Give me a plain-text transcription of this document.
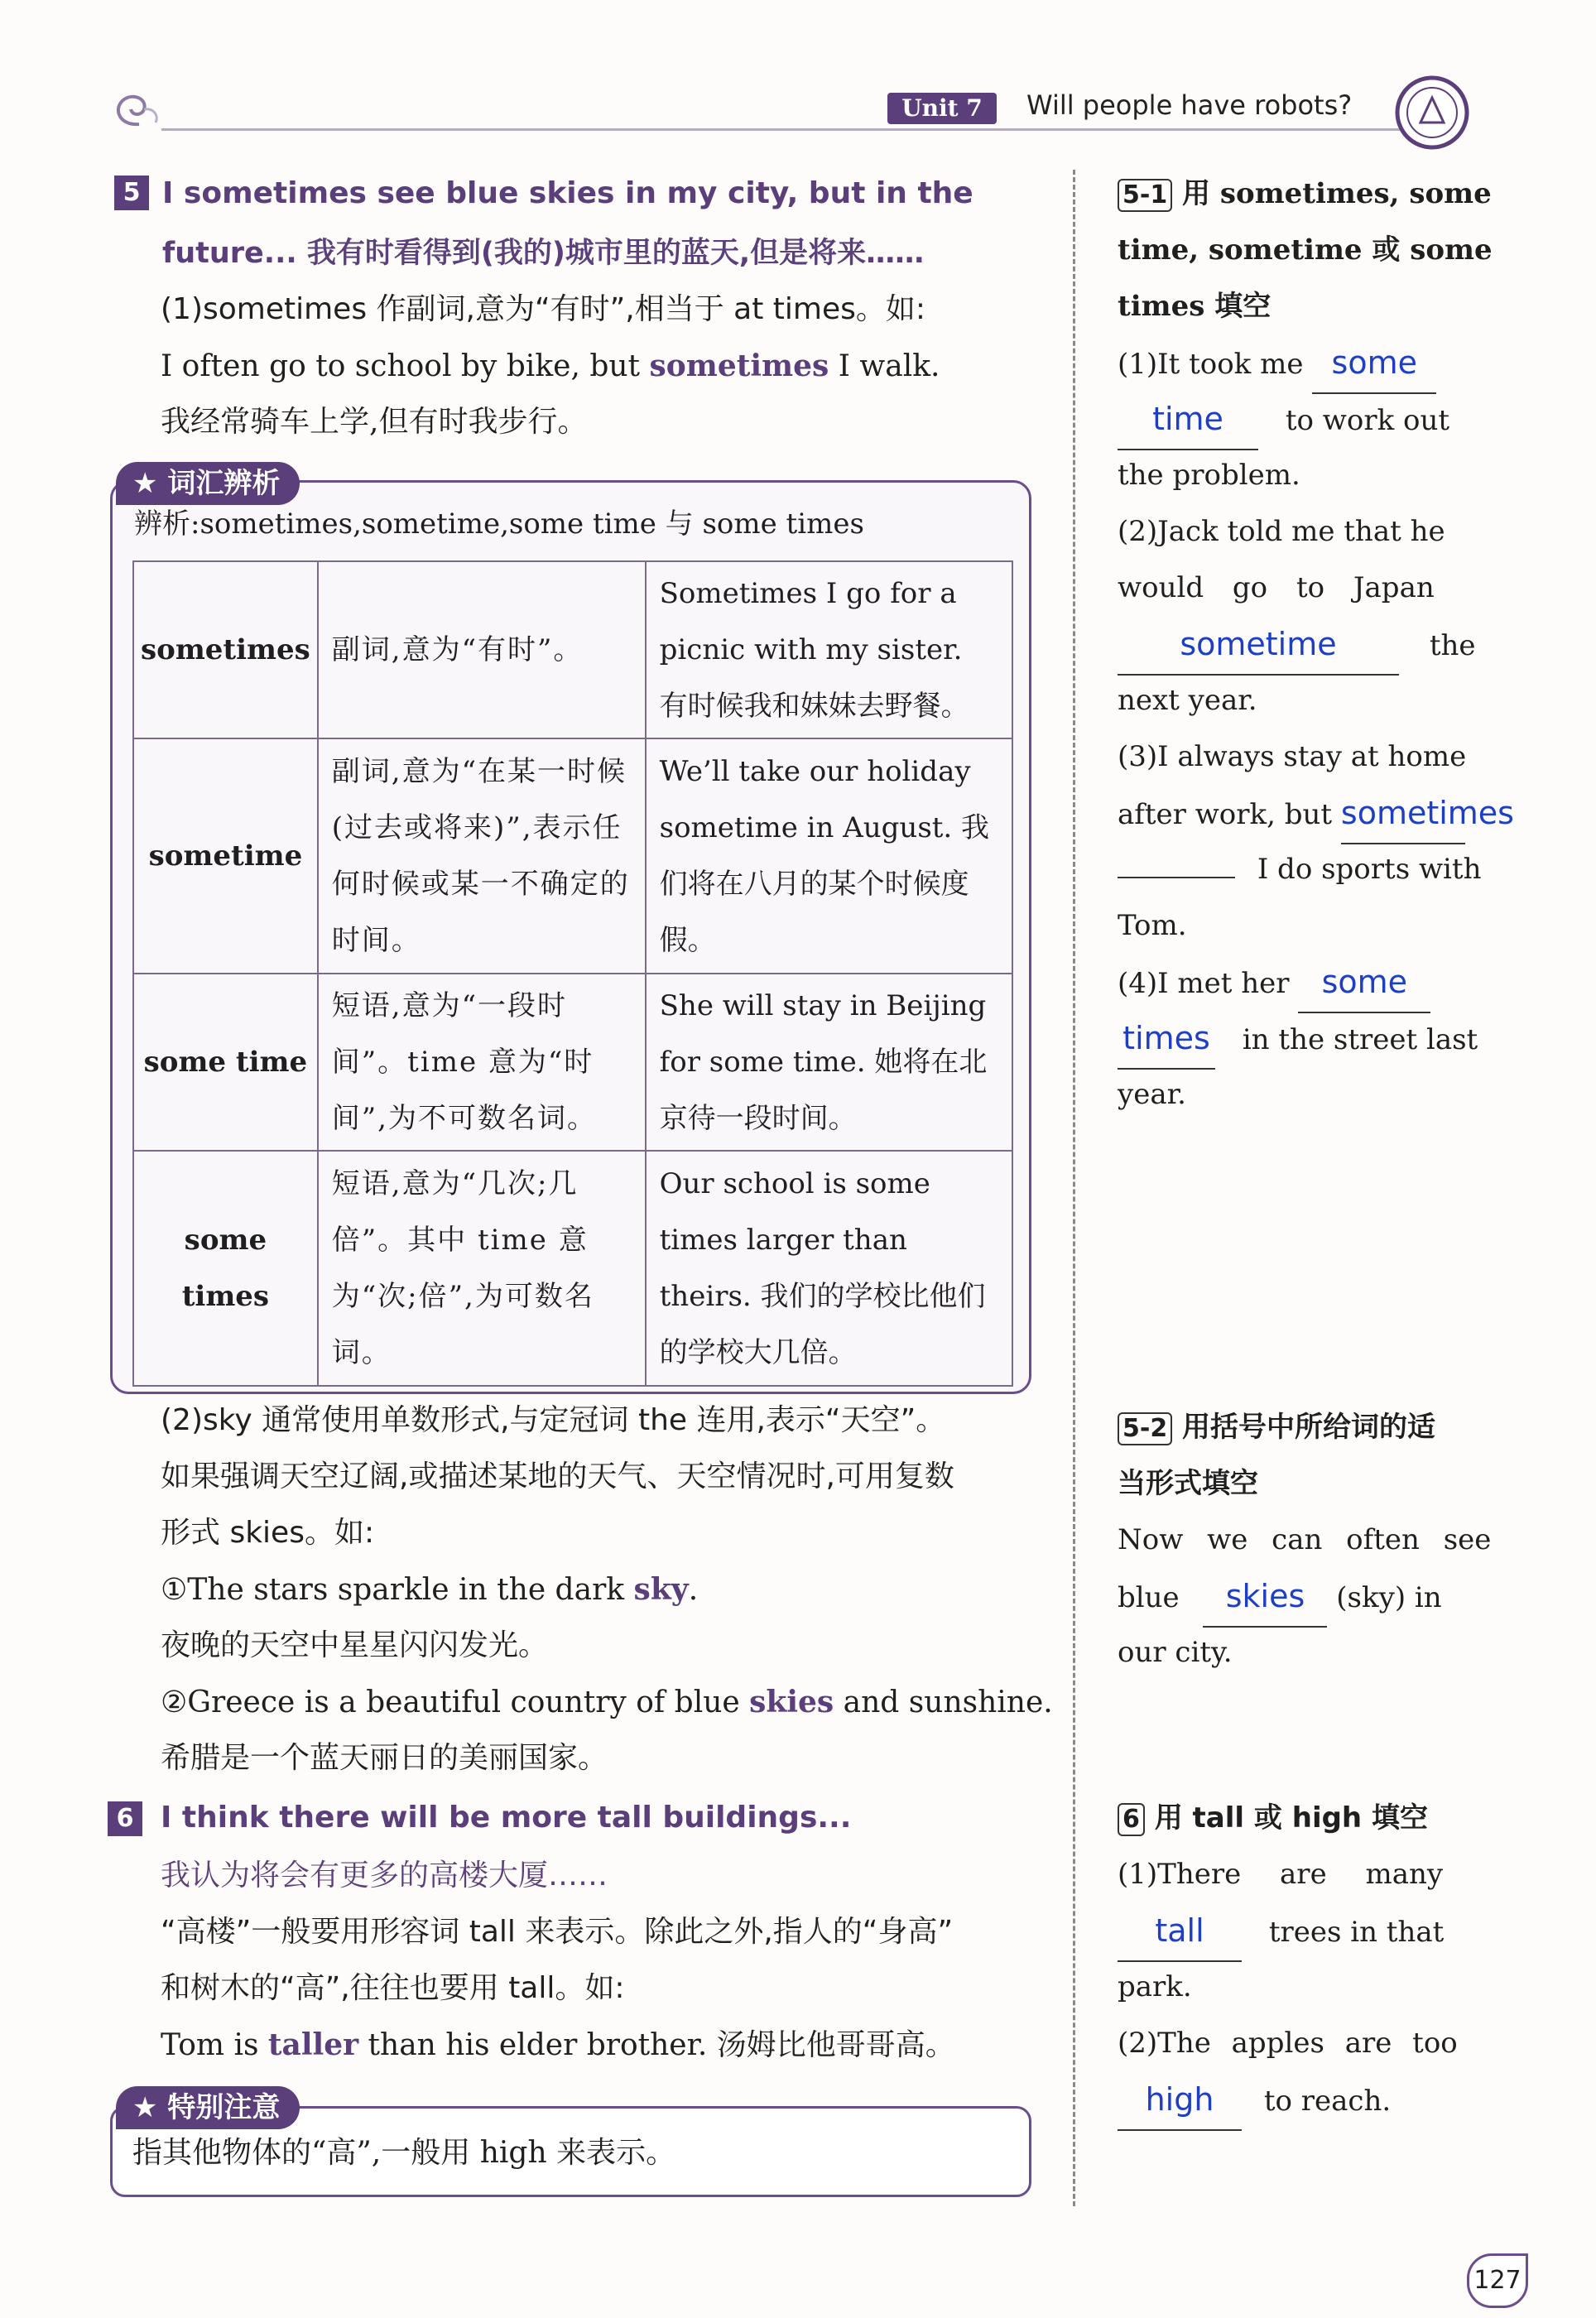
Unit 7	Will people have robots?
5 I sometimes see blue skies in my city, but in the
future... 我有时看得到(我的)城市里的蓝天,但是将来……
(1)sometimes 作副词,意为“有时”,相当于 at times。如:
I often go to school by bike, but sometimes I walk.
我经常骑车上学,但有时我步行。
★ 词汇辨析
辨析:sometimes,sometime,some time 与 some times
sometimes	副词,意为“有时”。	Sometimes I go for a picnic with my sister. 有时候我和妹妹去野餐。
sometime	副词,意为“在某一时候(过去或将来)”,表示任何时候或某一不确定的时间。	We’ll take our holiday sometime in August. 我们将在八月的某个时候度假。
some time	短语,意为“一段时间”。time 意为“时间”,为不可数名词。	She will stay in Beijing for some time. 她将在北京待一段时间。
some times	短语,意为“几次;几倍”。其中 time 意为“次;倍”,为可数名词。	Our school is some times larger than theirs. 我们的学校比他们的学校大几倍。
(2)sky 通常使用单数形式,与定冠词 the 连用,表示“天空”。
如果强调天空辽阔,或描述某地的天气、天空情况时,可用复数
形式 skies。如:
①The stars sparkle in the dark sky.
夜晚的天空中星星闪闪发光。
②Greece is a beautiful country of blue skies and sunshine.
希腊是一个蓝天丽日的美丽国家。
6 I think there will be more tall buildings...
我认为将会有更多的高楼大厦……
“高楼”一般要用形容词 tall 来表示。除此之外,指人的“身高”
和树木的“高”,往往也要用 tall。如:
Tom is taller than his elder brother. 汤姆比他哥哥高。
★ 特别注意
指其他物体的“高”,一般用 high 来表示。
5-1 用 sometimes, some
time, sometime 或 some
times 填空
(1)It took me some
time to work out
the problem.
(2)Jack told me that he
would go to Japan
sometime	the
next year.
(3)I always stay at home
after work, but sometimes
I do sports with
Tom.
(4)I met her some
times in the street last
year.
5-2 用括号中所给词的适
当形式填空
Now we can often see
blue skies (sky) in
our city.
6 用 tall 或 high 填空
(1)There are many
tall trees in that
park.
(2)The apples are too
high to reach.
127
